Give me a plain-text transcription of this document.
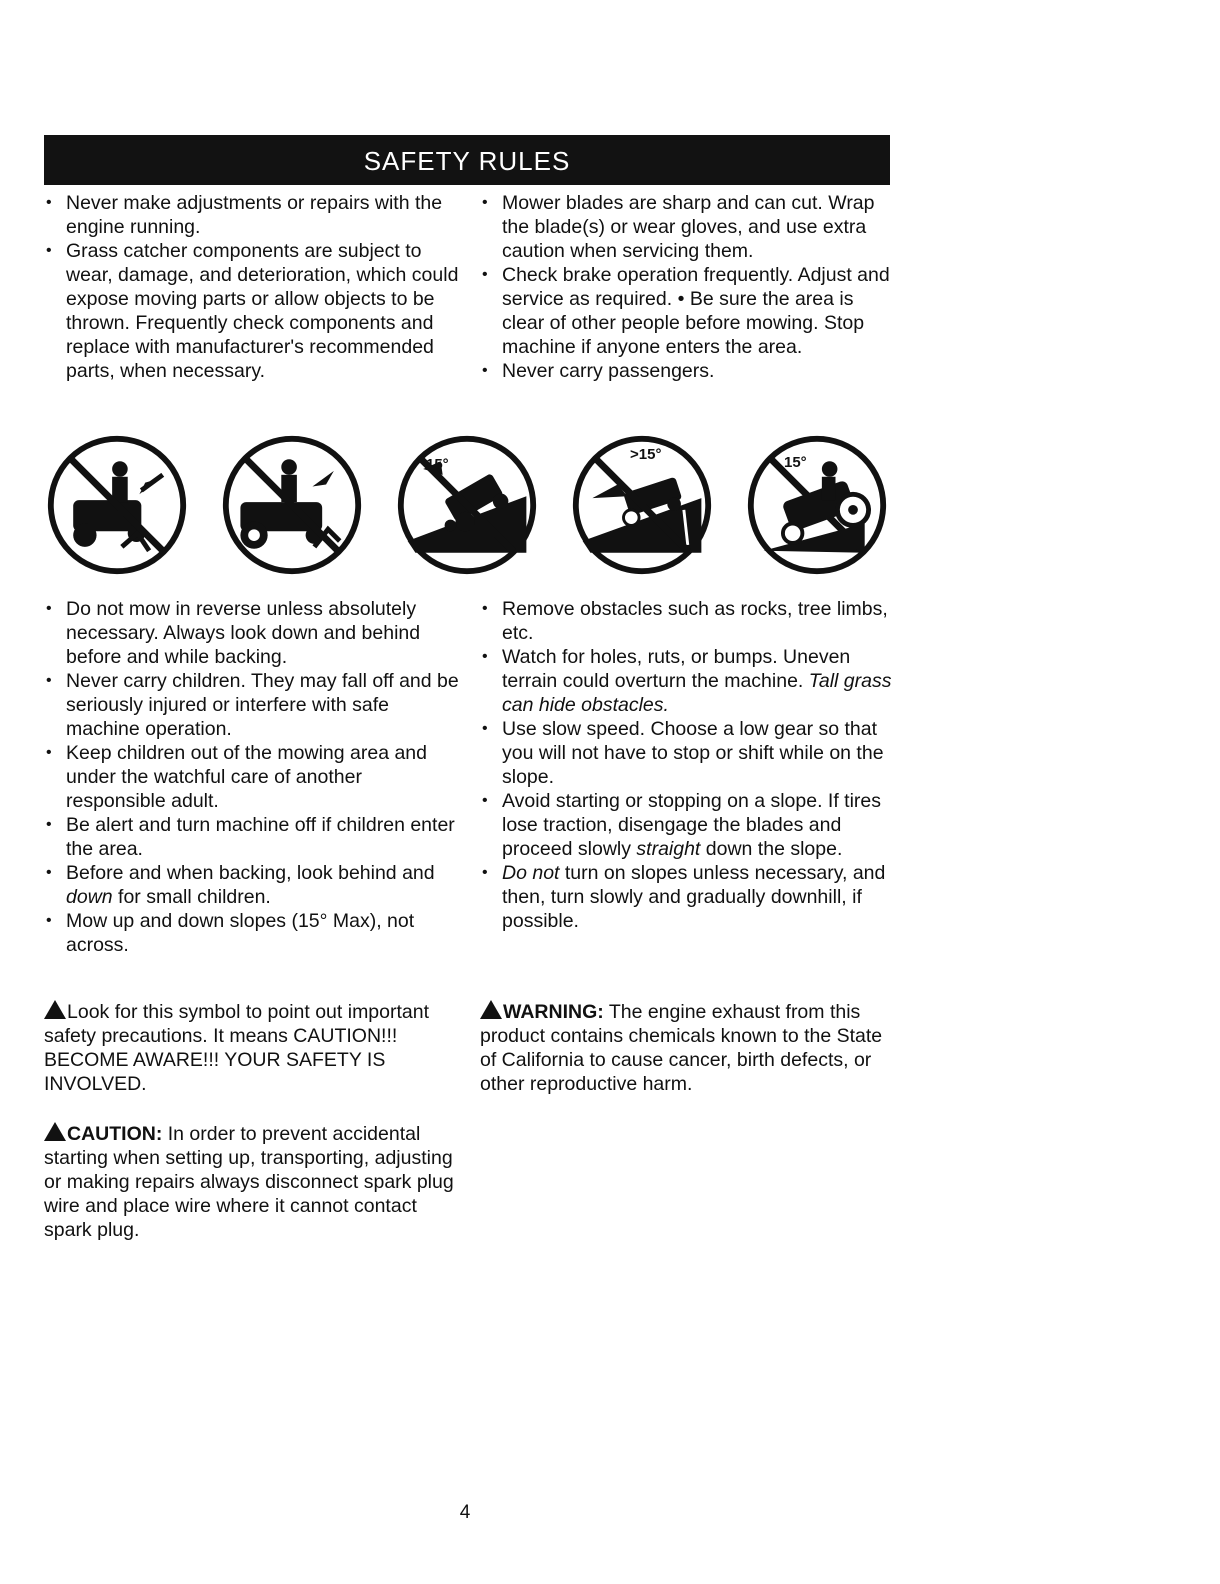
SAFETY RULES
• Never make adjustments or repairs with the engine running.
• Grass catcher components are subject to wear, damage, and deterioration, which could expose moving parts or allow objects to be thrown. Frequently check components and replace with manufacturer's recommended parts, when necessary.
• Mower blades are sharp and can cut. Wrap the blade(s) or wear gloves, and use extra caution when servicing them.
• Check brake operation frequently. Adjust and service as required. • Be sure the area is clear of other people before mowing. Stop machine if anyone enters the area.
• Never carry passengers.
15°
>15°	15°
• Do not mow in reverse unless absolutely necessary. Always look down and behind before and while backing.
• Never carry children. They may fall off and be seriously injured or interfere with safe machine operation.
• Keep children out of the mowing area and under the watchful care of another responsible adult.
• Be alert and turn machine off if children enter the area.
• Before and when backing, look behind and down for small children.
• Mow up and down slopes (15° Max), not across.
• Remove obstacles such as rocks, tree limbs, etc.
• Watch for holes, ruts, or bumps. Uneven terrain could overturn the machine. Tall grass can hide obstacles.
• Use slow speed. Choose a low gear so that you will not have to stop or shift while on the slope.
• Avoid starting or stopping on a slope. If tires lose traction, disengage the blades and proceed slowly straight down the slope.
• Do not turn on slopes unless necessary, and then, turn slowly and gradually downhill, if possible.
Look for this symbol to point out important safety precautions. It means CAUTION!!! BECOME AWARE!!! YOUR SAFETY IS INVOLVED.
CAUTION: In order to prevent accidental starting when setting up, transporting, adjusting or making repairs always disconnect spark plug wire and place wire where it cannot contact spark plug.
WARNING: The engine exhaust from this product contains chemicals known to the State of California to cause cancer, birth defects, or other reproductive harm.
4
